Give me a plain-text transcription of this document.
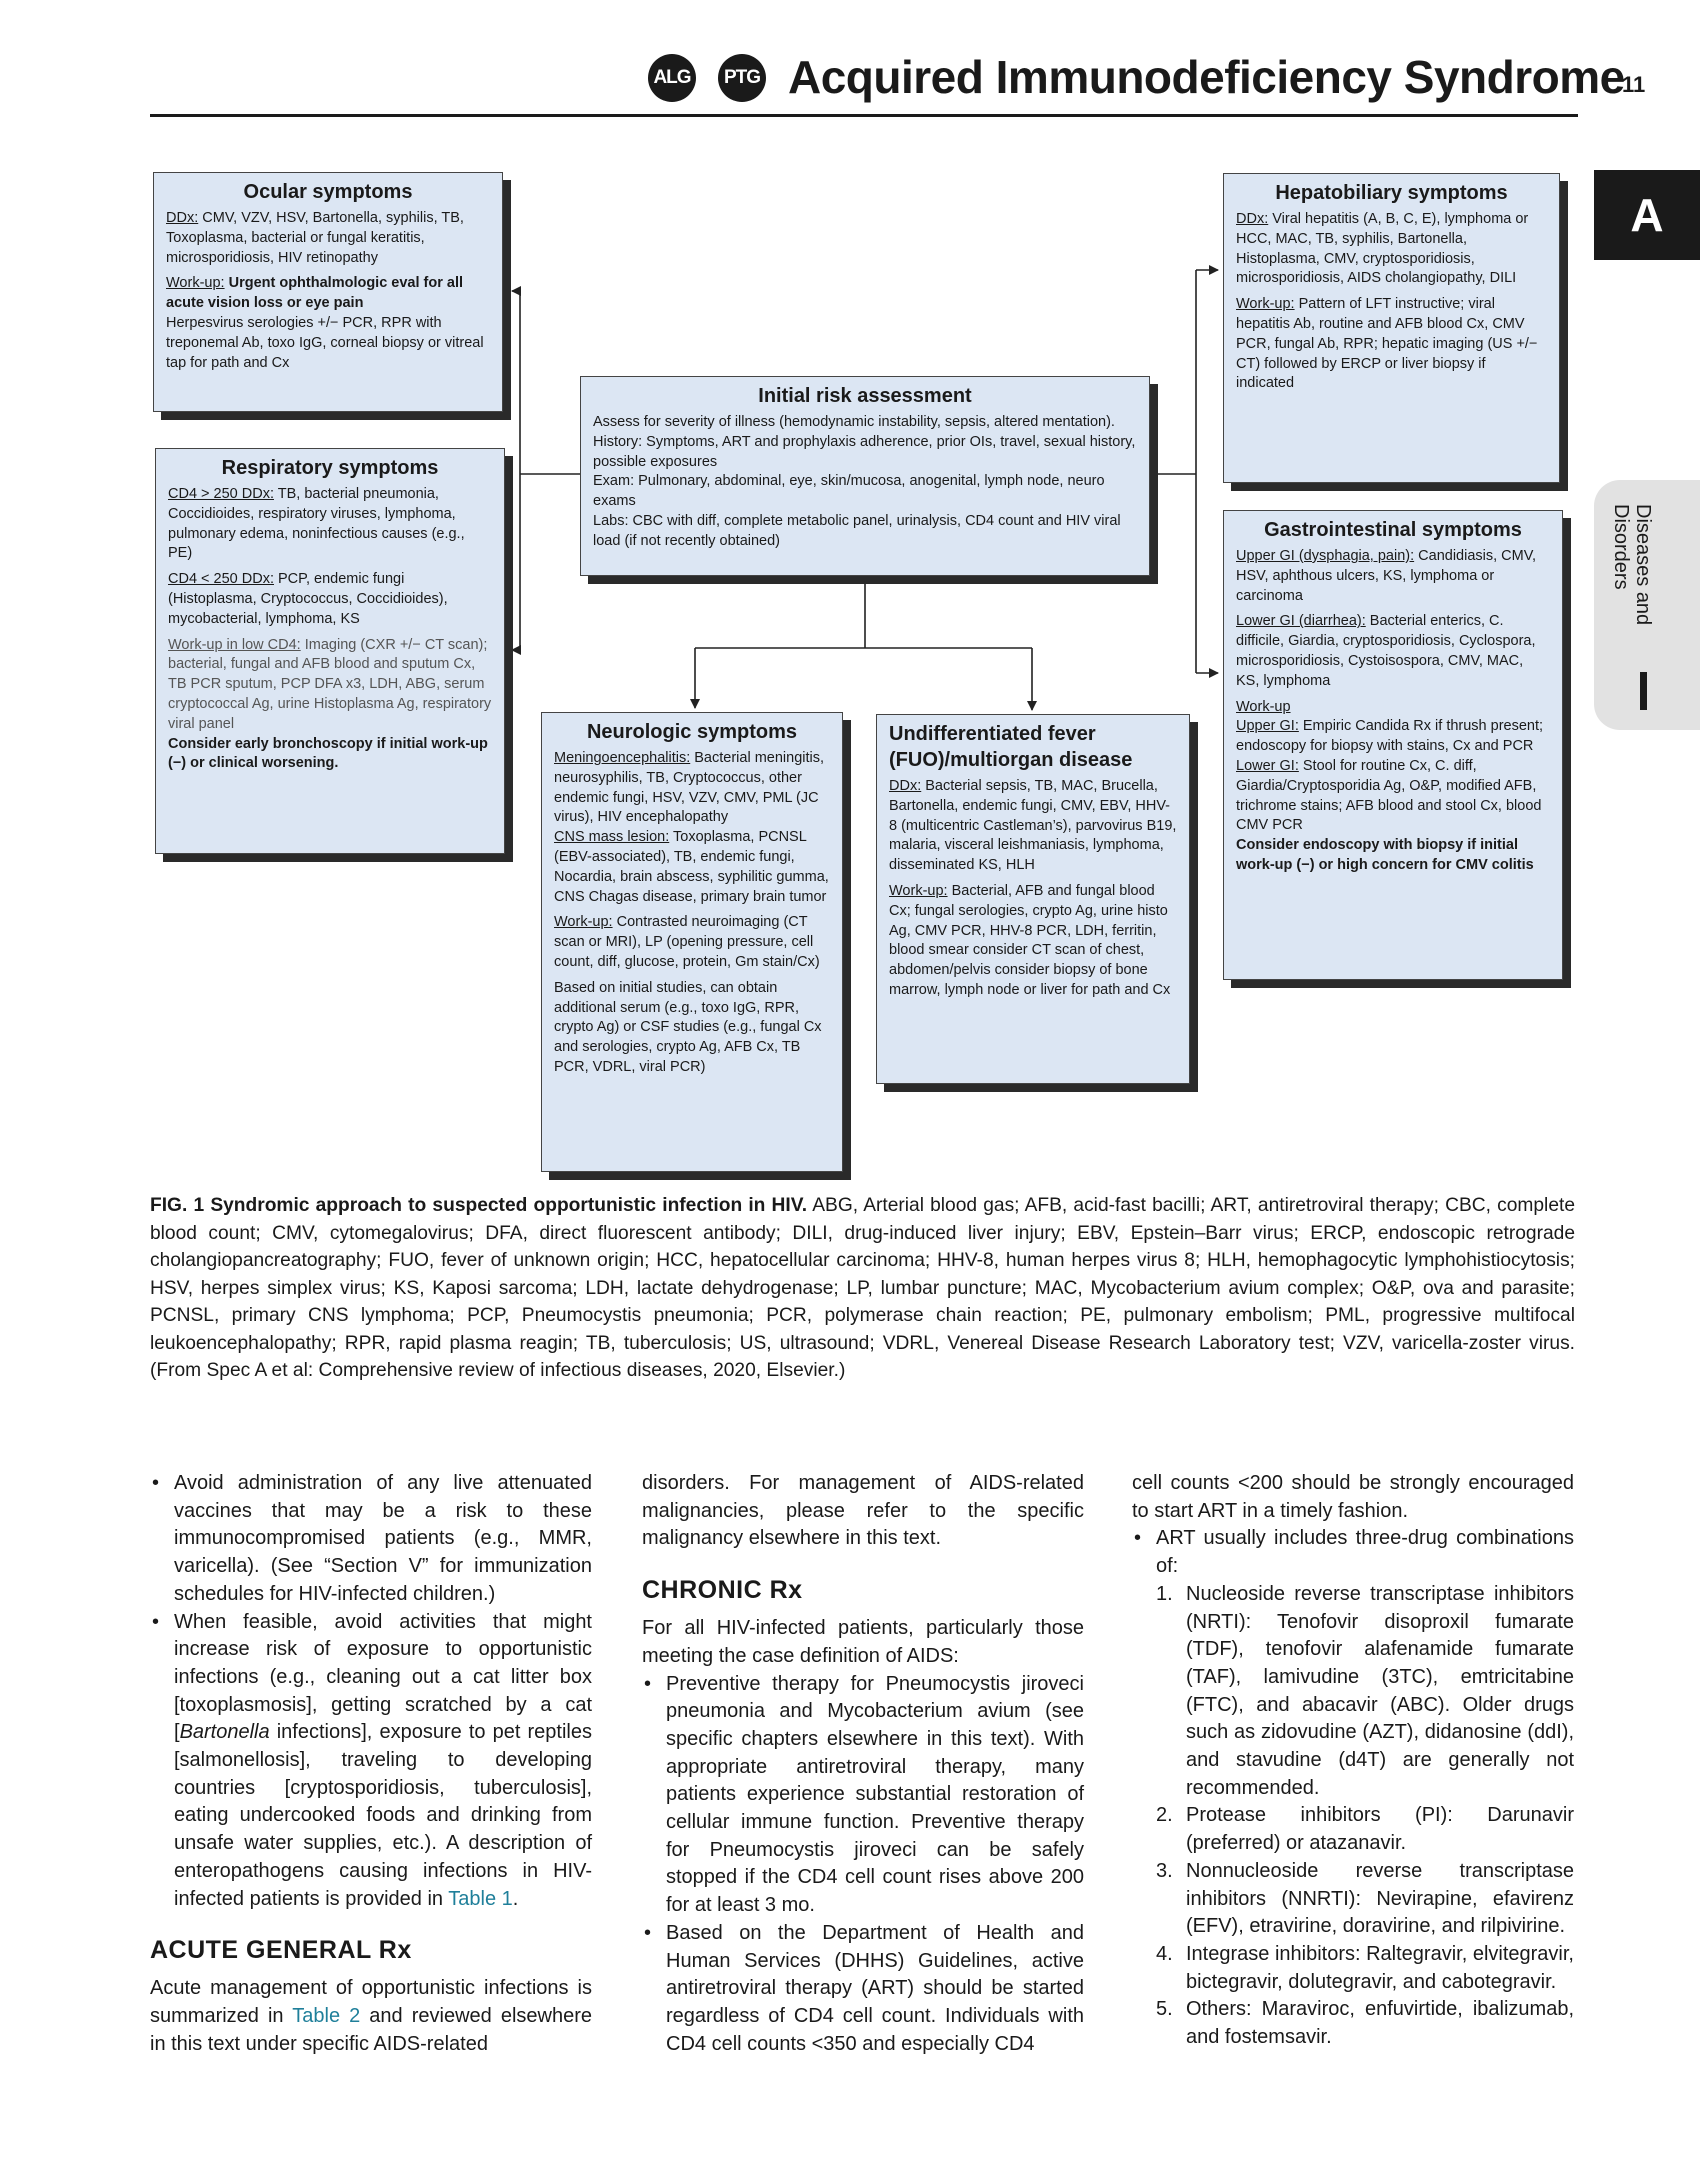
ALG	PTG Acquired Immunodeficiency Syndrome
11
A
Diseases and Disorders
Ocular symptoms

DDx: CMV, VZV, HSV, Bartonella, syphilis, TB, Toxoplasma, bacterial or fungal keratitis, microsporidiosis, HIV retinopathy

Work-up: Urgent ophthalmologic eval for all acute vision loss or eye pain
Herpesvirus serologies +/− PCR, RPR with treponemal Ab, toxo IgG, corneal biopsy or vitreal tap for path and Cx

Respiratory symptoms

CD4 > 250 DDx: TB, bacterial pneumonia, Coccidioides, respiratory viruses, lymphoma, pulmonary edema, noninfectious causes (e.g., PE)

CD4 < 250 DDx: PCP, endemic fungi (Histoplasma, Cryptococcus, Coccidioides), mycobacterial, lymphoma, KS

Work-up in low CD4: Imaging (CXR +/− CT scan); bacterial, fungal and AFB blood and sputum Cx, TB PCR sputum, PCP DFA x3, LDH, ABG, serum cryptococcal Ag, urine Histoplasma Ag, respiratory viral panel

Consider early bronchoscopy if initial work-up (−) or clinical worsening.

Initial risk assessment
Assess for severity of illness (hemodynamic instability, sepsis, altered mentation). History: Symptoms, ART and prophylaxis adherence, prior OIs, travel, sexual history, possible exposures
Exam: Pulmonary, abdominal, eye, skin/mucosa, anogenital, lymph node, neuro exams
Labs: CBC with diff, complete metabolic panel, urinalysis, CD4 count and HIV viral load (if not recently obtained)
Hepatobiliary symptoms

DDx: Viral hepatitis (A, B, C, E), lymphoma or HCC, MAC, TB, syphilis, Bartonella, Histoplasma, CMV, cryptosporidiosis, microsporidiosis, AIDS cholangiopathy, DILI

Work-up: Pattern of LFT instructive; viral hepatitis Ab, routine and AFB blood Cx, CMV PCR, fungal Ab, RPR; hepatic imaging (US +/− CT) followed by ERCP or liver biopsy if indicated

Gastrointestinal symptoms

Upper GI (dysphagia, pain): Candidiasis, CMV, HSV, aphthous ulcers, KS, lymphoma or carcinoma

Lower GI (diarrhea): Bacterial enterics, C. difficile, Giardia, cryptosporidiosis, Cyclospora, microsporidiosis, Cystoisospora, CMV, MAC, KS, lymphoma

Work-up
Upper GI: Empiric Candida Rx if thrush present; endoscopy for biopsy with stains, Cx and PCR
Lower GI: Stool for routine Cx, C. diff, Giardia/Cryptosporidia Ag, O&P, modified AFB, trichrome stains; AFB blood and stool Cx, blood CMV PCR

Consider endoscopy with biopsy if initial work-up (−) or high concern for CMV colitis

Neurologic symptoms

Meningoencephalitis: Bacterial meningitis, neurosyphilis, TB, Cryptococcus, other endemic fungi, HSV, VZV, CMV, PML (JC virus), HIV encephalopathy

CNS mass lesion: Toxoplasma, PCNSL (EBV-associated), TB, endemic fungi, Nocardia, brain abscess, syphilitic gumma, CNS Chagas disease, primary brain tumor

Work-up: Contrasted neuroimaging (CT scan or MRI), LP (opening pressure, cell count, diff, glucose, protein, Gm stain/Cx)

Based on initial studies, can obtain additional serum (e.g., toxo IgG, RPR, crypto Ag) or CSF studies (e.g., fungal Cx and serologies, crypto Ag, AFB Cx, TB PCR, VDRL, viral PCR)

Undifferentiated fever (FUO)/multiorgan disease

DDx: Bacterial sepsis, TB, MAC, Brucella, Bartonella, endemic fungi, CMV, EBV, HHV-8 (multicentric Castleman’s), parvovirus B19, malaria, visceral leishmaniasis, lymphoma, disseminated KS, HLH

Work-up: Bacterial, AFB and fungal blood Cx; fungal serologies, crypto Ag, urine histo Ag, CMV PCR, HHV-8 PCR, LDH, ferritin, blood smear consider CT scan of chest, abdomen/pelvis consider biopsy of bone marrow, lymph node or liver for path and Cx

FIG. 1 Syndromic approach to suspected opportunistic infection in HIV. ABG, Arterial blood gas; AFB, acid-fast bacilli; ART, antiretroviral therapy; CBC, complete blood count; CMV, cytomegalovirus; DFA, direct fluorescent antibody; DILI, drug-induced liver injury; EBV, Epstein–Barr virus; ERCP, endoscopic retrograde cholangiopancreatography; FUO, fever of unknown origin; HCC, hepatocellular carcinoma; HHV-8, human herpes virus 8; HLH, hemophagocytic lymphohistiocytosis; HSV, herpes simplex virus; KS, Kaposi sarcoma; LDH, lactate dehydrogenase; LP, lumbar puncture; MAC, Mycobacterium avium complex; O&P, ova and parasite; PCNSL, primary CNS lymphoma; PCP, Pneumocystis pneumonia; PCR, polymerase chain reaction; PE, pulmonary embolism; PML, progressive multifocal leukoencephalopathy; RPR, rapid plasma reagin; TB, tuberculosis; US, ultrasound; VDRL, Venereal Disease Research Laboratory test; VZV, varicella-zoster virus. (From Spec A et al: Comprehensive review of infectious diseases, 2020, Elsevier.)

• Avoid administration of any live attenuated vaccines that may be a risk to these immunocompromised patients (e.g., MMR, varicella). (See “Section V” for immunization schedules for HIV-infected children.)

• When feasible, avoid activities that might increase risk of exposure to opportunistic infections (e.g., cleaning out a cat litter box [toxoplasmosis], getting scratched by a cat [Bartonella infections], exposure to pet reptiles [salmonellosis], traveling to developing countries [cryptosporidiosis, tuberculosis], eating undercooked foods and drinking from unsafe water supplies, etc.). A description of enteropathogens causing infections in HIV-infected patients is provided in Table 1.

ACUTE GENERAL Rx

Acute management of opportunistic infections is summarized in Table 2 and reviewed elsewhere in this text under specific AIDS-related

disorders. For management of AIDS-related malignancies, please refer to the specific malignancy elsewhere in this text.

CHRONIC Rx

For all HIV-infected patients, particularly those meeting the case definition of AIDS:

• Preventive therapy for Pneumocystis jiroveci pneumonia and Mycobacterium avium (see specific chapters elsewhere in this text). With appropriate antiretroviral therapy, many patients experience substantial restoration of cellular immune function. Preventive therapy for Pneumocystis jiroveci can be safely stopped if the CD4 cell count rises above 200 for at least 3 mo.

• Based on the Department of Health and Human Services (DHHS) Guidelines, active antiretroviral therapy (ART) should be started regardless of CD4 cell count. Individuals with CD4 cell counts <350 and especially CD4

cell counts <200 should be strongly encouraged to start ART in a timely fashion.

• ART usually includes three-drug combinations of:

1. Nucleoside reverse transcriptase inhibitors (NRTI): Tenofovir disoproxil fumarate (TDF), tenofovir alafenamide fumarate (TAF), lamivudine (3TC), emtricitabine (FTC), and abacavir (ABC). Older drugs such as zidovudine (AZT), didanosine (ddI), and stavudine (d4T) are generally not recommended.

2. Protease inhibitors (PI): Darunavir (preferred) or atazanavir.

3. Nonnucleoside reverse transcriptase inhibitors (NNRTI): Nevirapine, efavirenz (EFV), etravirine, doravirine, and rilpivirine.

4. Integrase inhibitors: Raltegravir, elvitegravir, bictegravir, dolutegravir, and cabotegravir.

5. Others: Maraviroc, enfuvirtide, ibalizumab, and fostemsavir.
